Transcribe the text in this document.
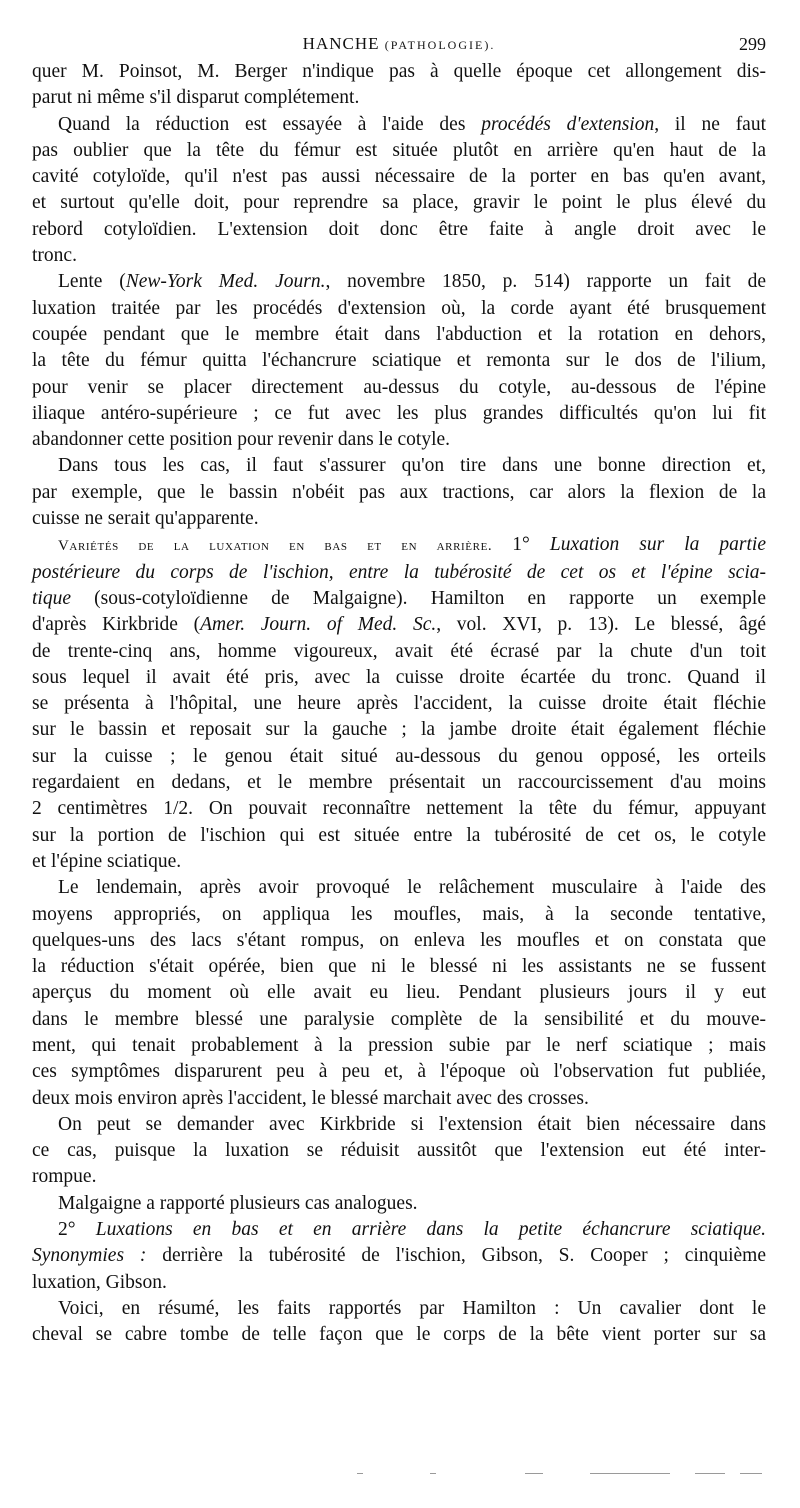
HANCHE (PATHOLOGIE).	299
quer M. Poinsot, M. Berger n'indique pas à quelle époque cet allongement dis-
parut ni même s'il disparut complétement.
Quand la réduction est essayée à l'aide des procédés d'extension, il ne faut
pas oublier que la tête du fémur est située plutôt en arrière qu'en haut de la
cavité cotyloïde, qu'il n'est pas aussi nécessaire de la porter en bas qu'en avant,
et surtout qu'elle doit, pour reprendre sa place, gravir le point le plus élevé du
rebord cotyloïdien. L'extension doit donc être faite à angle droit avec le
tronc.
Lente (New-York Med. Journ., novembre 1850, p. 514) rapporte un fait de
luxation traitée par les procédés d'extension où, la corde ayant été brusquement
coupée pendant que le membre était dans l'abduction et la rotation en dehors,
la tête du fémur quitta l'échancrure sciatique et remonta sur le dos de l'ilium,
pour venir se placer directement au-dessus du cotyle, au-dessous de l'épine
iliaque antéro-supérieure ; ce fut avec les plus grandes difficultés qu'on lui fit
abandonner cette position pour revenir dans le cotyle.
Dans tous les cas, il faut s'assurer qu'on tire dans une bonne direction et,
par exemple, que le bassin n'obéit pas aux tractions, car alors la flexion de la
cuisse ne serait qu'apparente.
Variétés de la luxation en bas et en arrière. 1° Luxation sur la partie
postérieure du corps de l'ischion, entre la tubérosité de cet os et l'épine scia-
tique (sous-cotyloïdienne de Malgaigne). Hamilton en rapporte un exemple
d'après Kirkbride (Amer. Journ. of Med. Sc., vol. XVI, p. 13). Le blessé, âgé
de trente-cinq ans, homme vigoureux, avait été écrasé par la chute d'un toit
sous lequel il avait été pris, avec la cuisse droite écartée du tronc. Quand il
se présenta à l'hôpital, une heure après l'accident, la cuisse droite était fléchie
sur le bassin et reposait sur la gauche ; la jambe droite était également fléchie
sur la cuisse ; le genou était situé au-dessous du genou opposé, les orteils
regardaient en dedans, et le membre présentait un raccourcissement d'au moins
2 centimètres 1/2. On pouvait reconnaître nettement la tête du fémur, appuyant
sur la portion de l'ischion qui est située entre la tubérosité de cet os, le cotyle
et l'épine sciatique.
Le lendemain, après avoir provoqué le relâchement musculaire à l'aide des
moyens appropriés, on appliqua les moufles, mais, à la seconde tentative,
quelques-uns des lacs s'étant rompus, on enleva les moufles et on constata que
la réduction s'était opérée, bien que ni le blessé ni les assistants ne se fussent
aperçus du moment où elle avait eu lieu. Pendant plusieurs jours il y eut
dans le membre blessé une paralysie complète de la sensibilité et du mouve-
ment, qui tenait probablement à la pression subie par le nerf sciatique ; mais
ces symptômes disparurent peu à peu et, à l'époque où l'observation fut publiée,
deux mois environ après l'accident, le blessé marchait avec des crosses.
On peut se demander avec Kirkbride si l'extension était bien nécessaire dans
ce cas, puisque la luxation se réduisit aussitôt que l'extension eut été inter-
rompue.
Malgaigne a rapporté plusieurs cas analogues.
2° Luxations en bas et en arrière dans la petite échancrure sciatique.
Synonymies : derrière la tubérosité de l'ischion, Gibson, S. Cooper ; cinquième
luxation, Gibson.
Voici, en résumé, les faits rapportés par Hamilton : Un cavalier dont le
cheval se cabre tombe de telle façon que le corps de la bête vient porter sur sa
